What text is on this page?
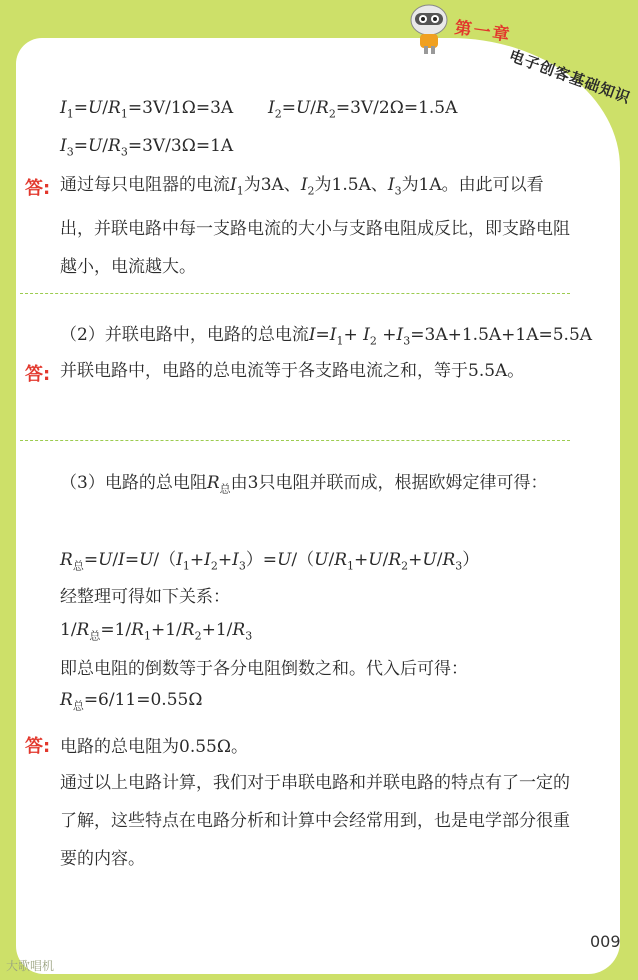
第一章
电子创客基础知识
$I_1=U/R_1=3V/1\Omega=3A$ $I_2=U/R_2=3V/2\Omega=1.5A$
$I_3=U/R_3=3V/3\Omega=1A$
答: 通过每只电阻器的电流$I_1$为3A、$I_2$为1.5A、$I_3$为1A。由此可以看出，并联电路中每一支路电流的大小与支路电阻成反比，即支路电阻越小，电流越大。
（2）并联电路中，电路的总电流$I=I_1+ I_2 +I_3=3A+1.5A+1A=5.5A$
答: 并联电路中，电路的总电流等于各支路电流之和，等于5.5A。
（3）电路的总电阻$R_总$由3只电阻并联而成，根据欧姆定律可得：
$R_总=U/I=U/(I_1+I_2+I_3)=U/(U/R_1+U/R_2+U/R_3)$
经整理可得如下关系：
$1/R_总=1/R_1+1/R_2+1/R_3$
即总电阻的倒数等于各分电阻倒数之和。代入后可得：
$R_总=6/11=0.55\Omega$
答: 电路的总电阻为0.55Ω。
通过以上电路计算，我们对于串联电路和并联电路的特点有了一定的了解，这些特点在电路分析和计算中会经常用到，也是电学部分很重要的内容。
009
大歌唱机
